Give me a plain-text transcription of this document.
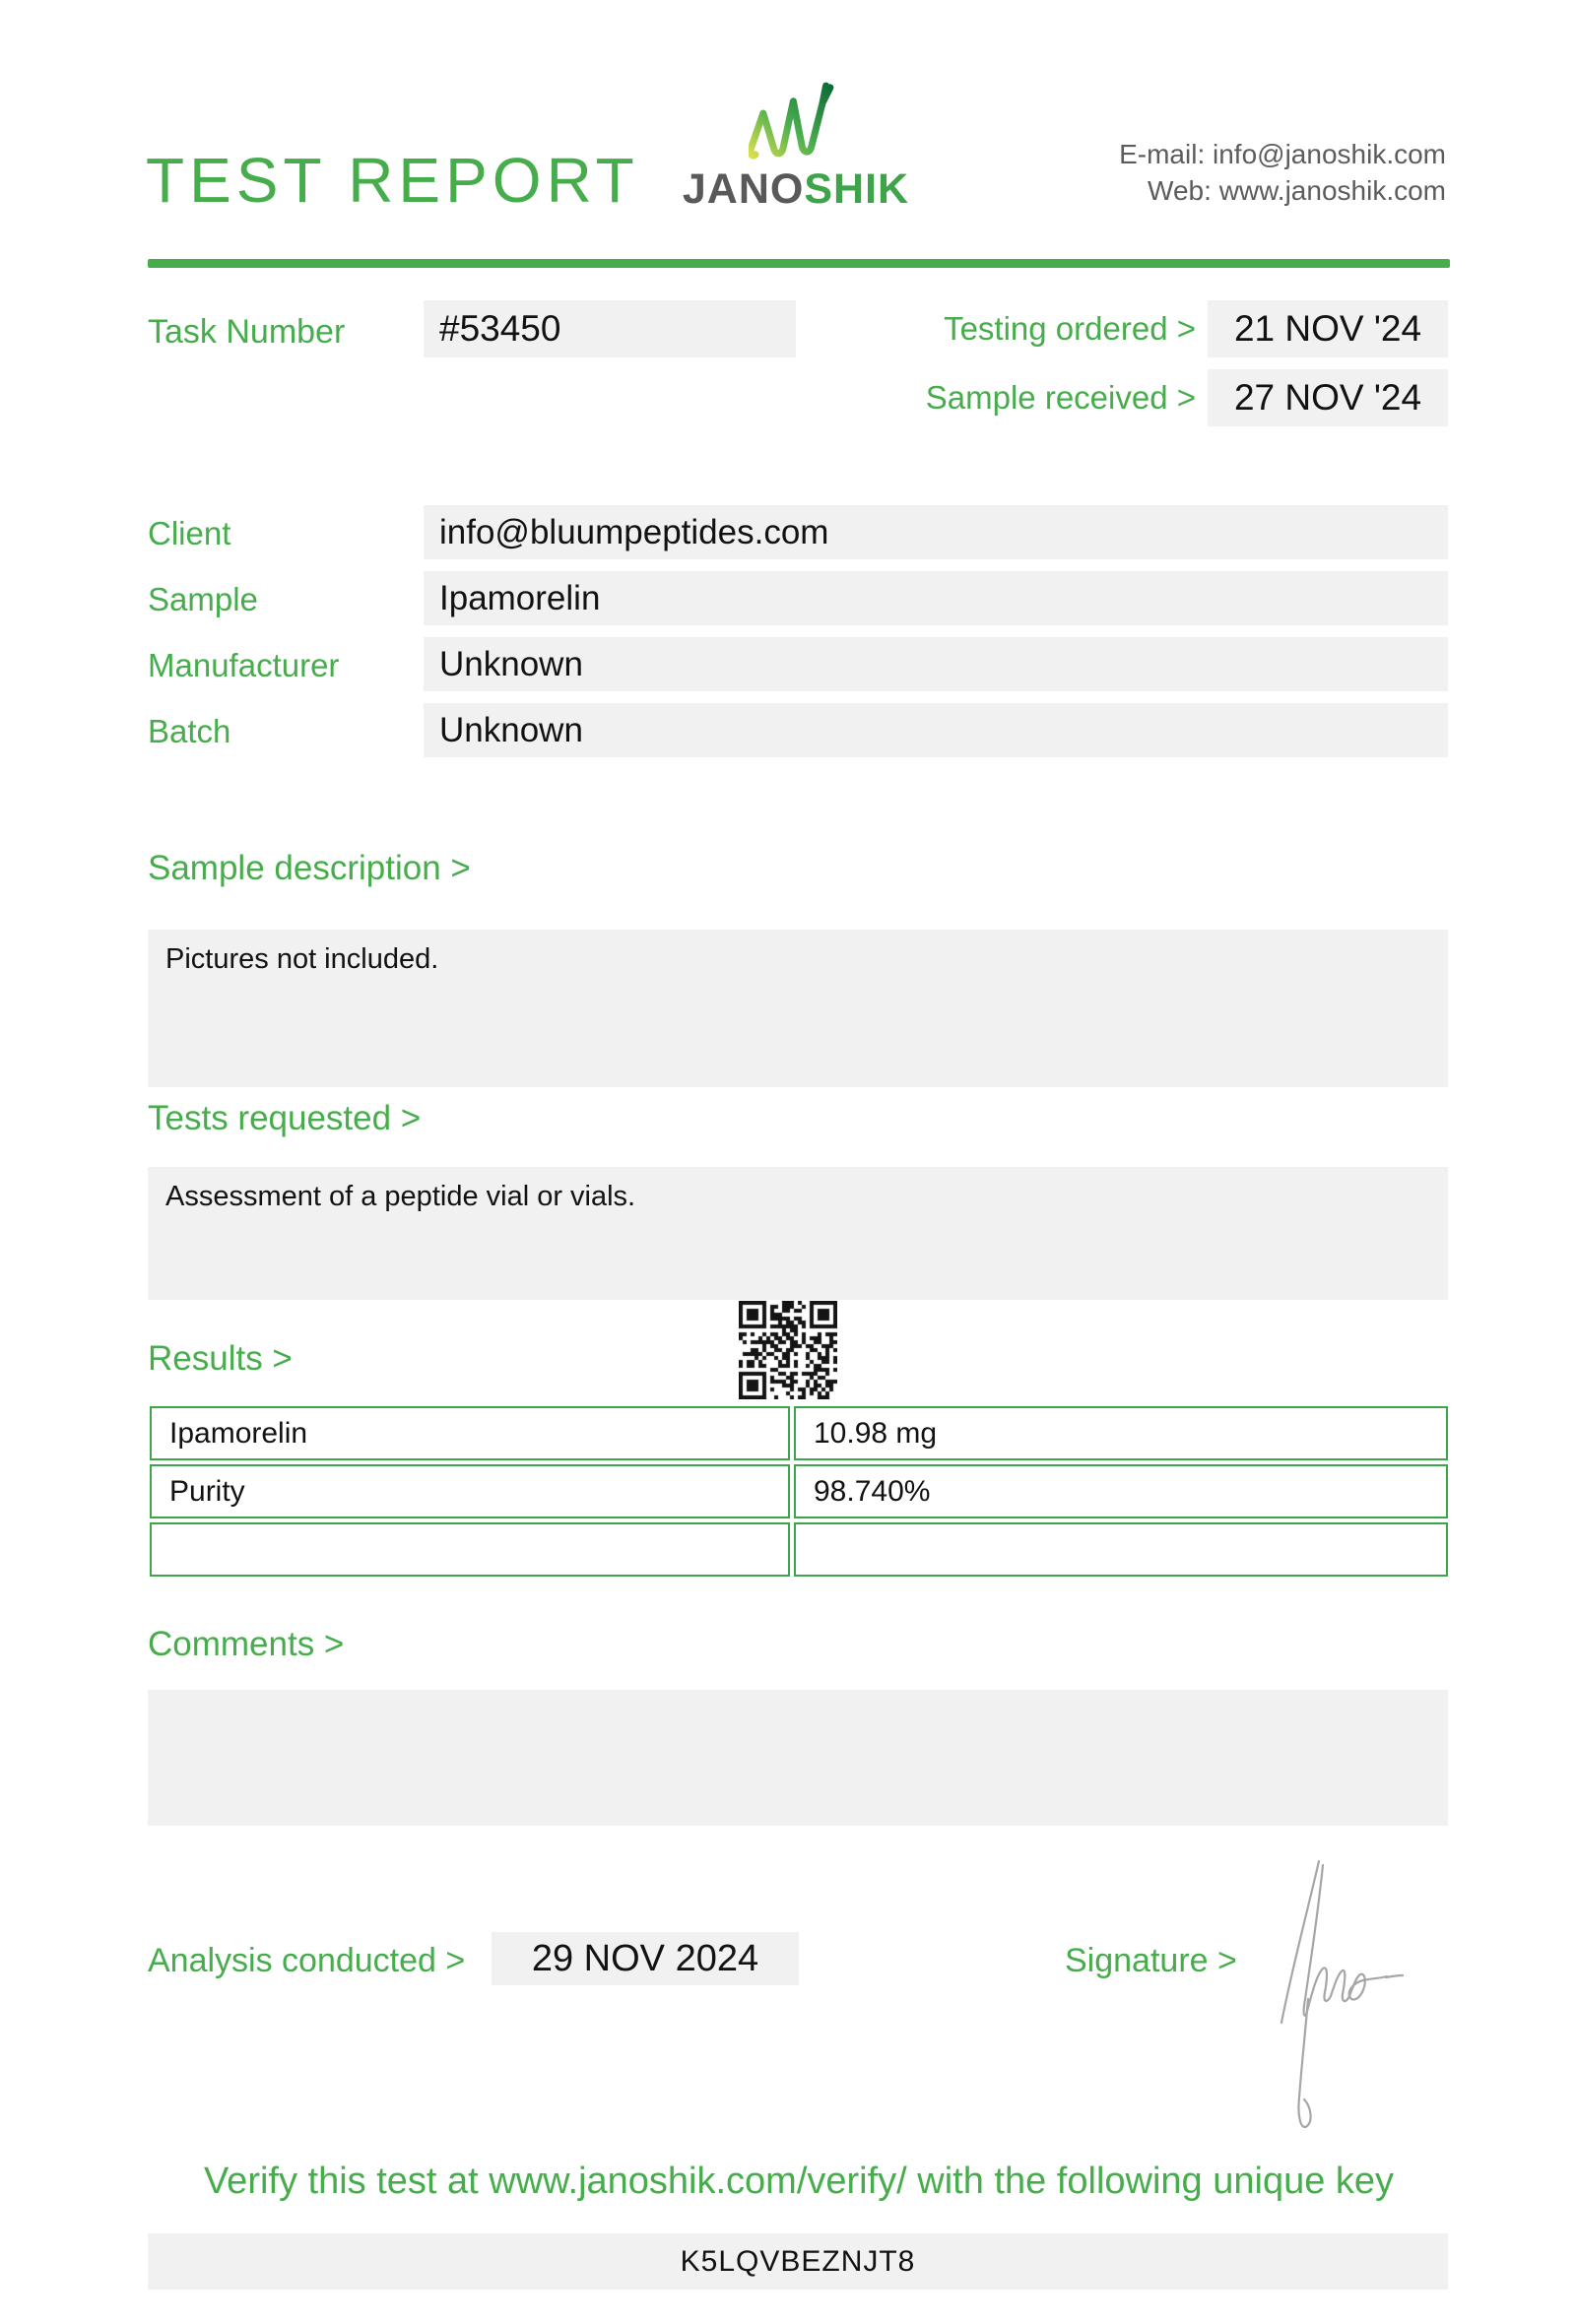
TEST REPORT JANOSHIK
E-mail: info@janoshik.com
Web: www.janoshik.com
Task Number	#53450	Testing ordered > 21 NOV '24
Sample received > 27 NOV '24
Client	info@bluumpeptides.com
Sample	Ipamorelin
Manufacturer	Unknown
Batch	Unknown
Sample description >
Pictures not included.
Tests requested >
Assessment of a peptide vial or vials.
Results >
Ipamorelin	10.98 mg
Purity	98.740%
Comments >
Analysis conducted > 29 NOV 2024	Signature >
Verify this test at www.janoshik.com/verify/ with the following unique key
K5LQVBEZNJT8
